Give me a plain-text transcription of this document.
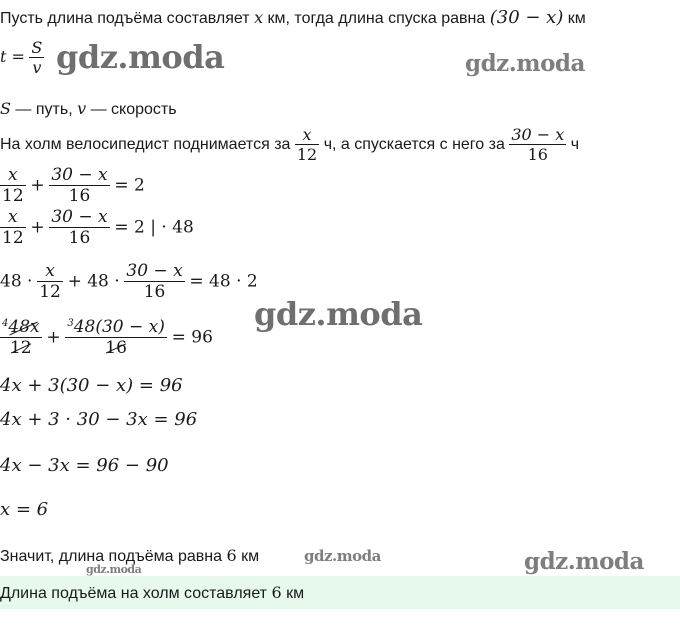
Пусть длина подъёма составляет x км, тогда длина спуска равна (30 − x) км
$t = \frac{S}{v}$
S — путь, v — скорость
На холм велосипедист поднимается за $\frac{x}{12} ч$, а спускается с него за $\frac{30 - x}{16}$ ч
$\frac{x}{12} + \frac{30 - x}{16} = 2$
$\frac{x}{12} + \frac{30 - x}{16} = 2$ | · 48
$48 \cdot \frac{x}{12} + 48 \cdot \frac{30 - x}{16} = 48 \cdot 2$
$\frac{^448x}{12} + \frac{^348(30 - x)}{16} = 96$
4x + 3(30 − x) = 96
4x + 3 · 30 − 3x = 96
4x − 3x = 96 − 90
x = 6
Значит, длина подъёма равна 6 км
Длина подъёма на холм составляет 6 км
gdz.moda	gdz.moda
gdz.moda
gdz.moda
gdz.moda	gdz.moda
